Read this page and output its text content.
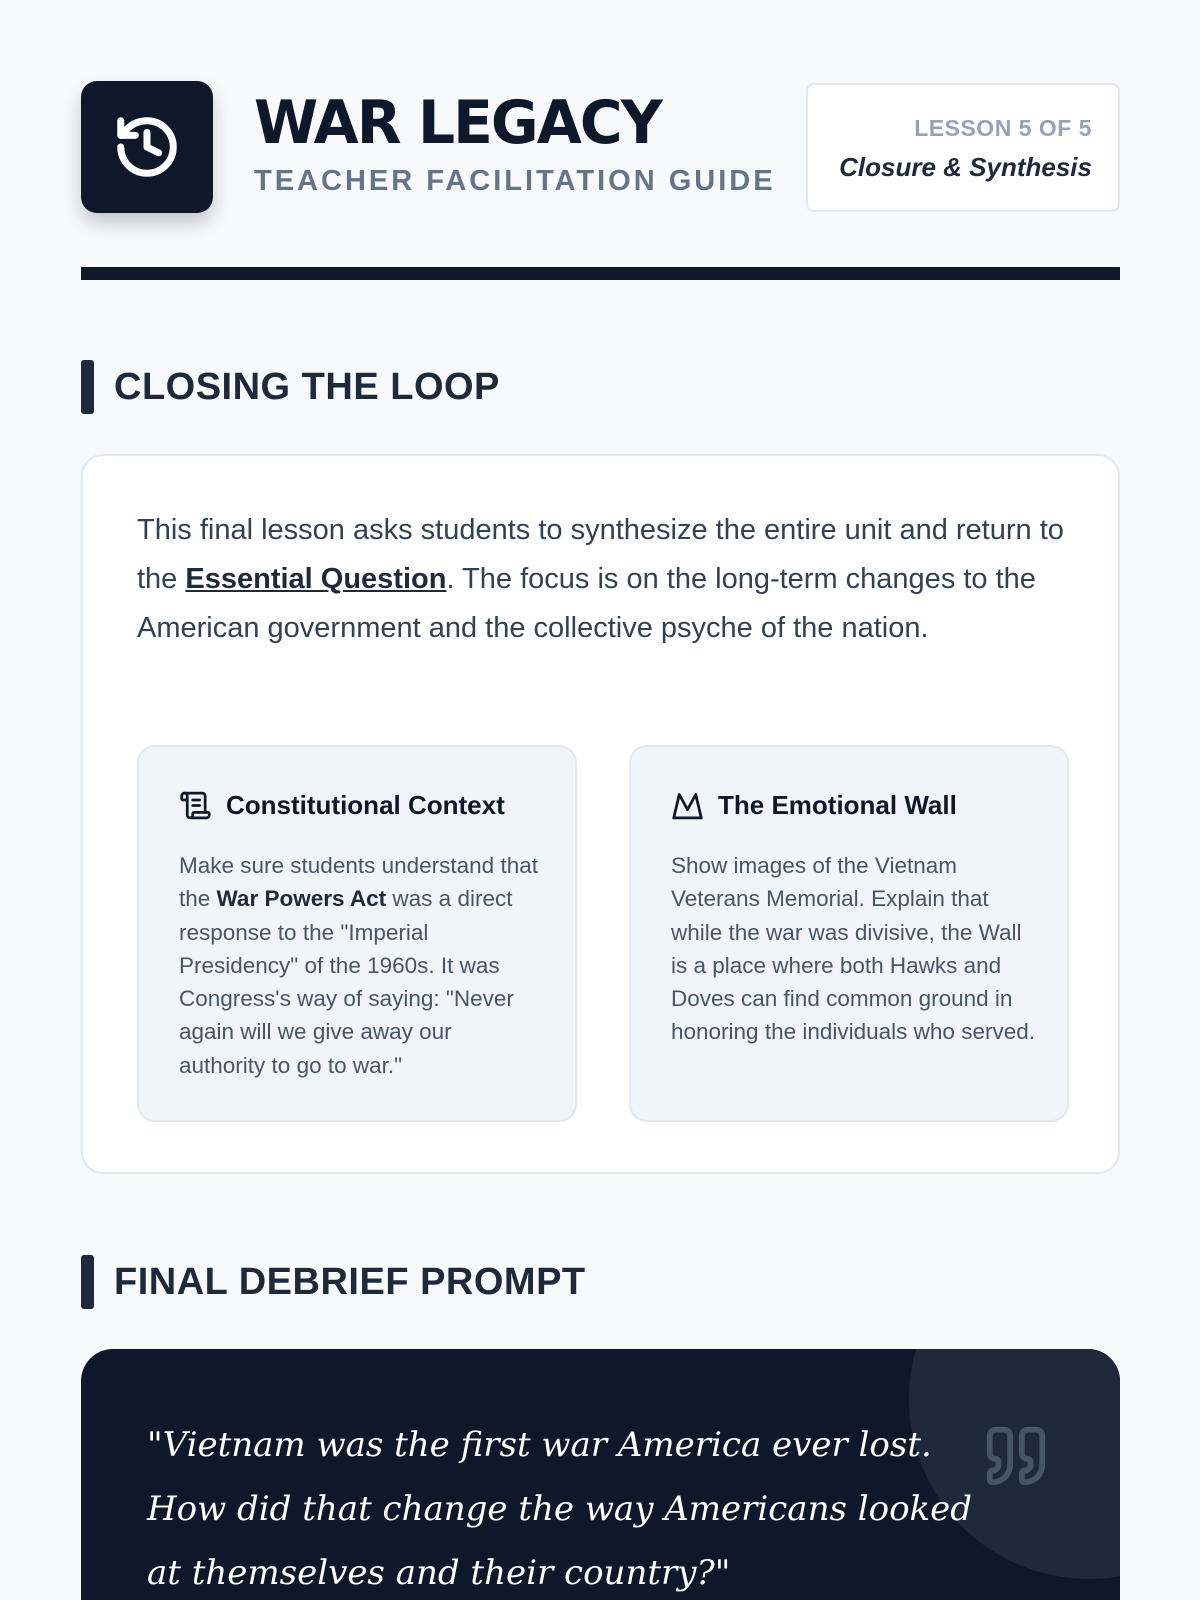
WAR LEGACY
TEACHER FACILITATION GUIDE
LESSON 5 OF 5
Closure & Synthesis
CLOSING THE LOOP

This final lesson asks students to synthesize the entire unit and return to the Essential Question. The focus is on the long-term changes to the American government and the collective psyche of the nation.

Constitutional Context

Make sure students understand that the War Powers Act was a direct response to the "Imperial Presidency" of the 1960s. It was Congress's way of saying: "Never again will we give away our authority to go to war."

The Emotional Wall

Show images of the Vietnam Veterans Memorial. Explain that while the war was divisive, the Wall is a place where both Hawks and Doves can find common ground in honoring the individuals who served.

FINAL DEBRIEF PROMPT

"Vietnam was the first war America ever lost. How did that change the way Americans looked at themselves and their country?"
